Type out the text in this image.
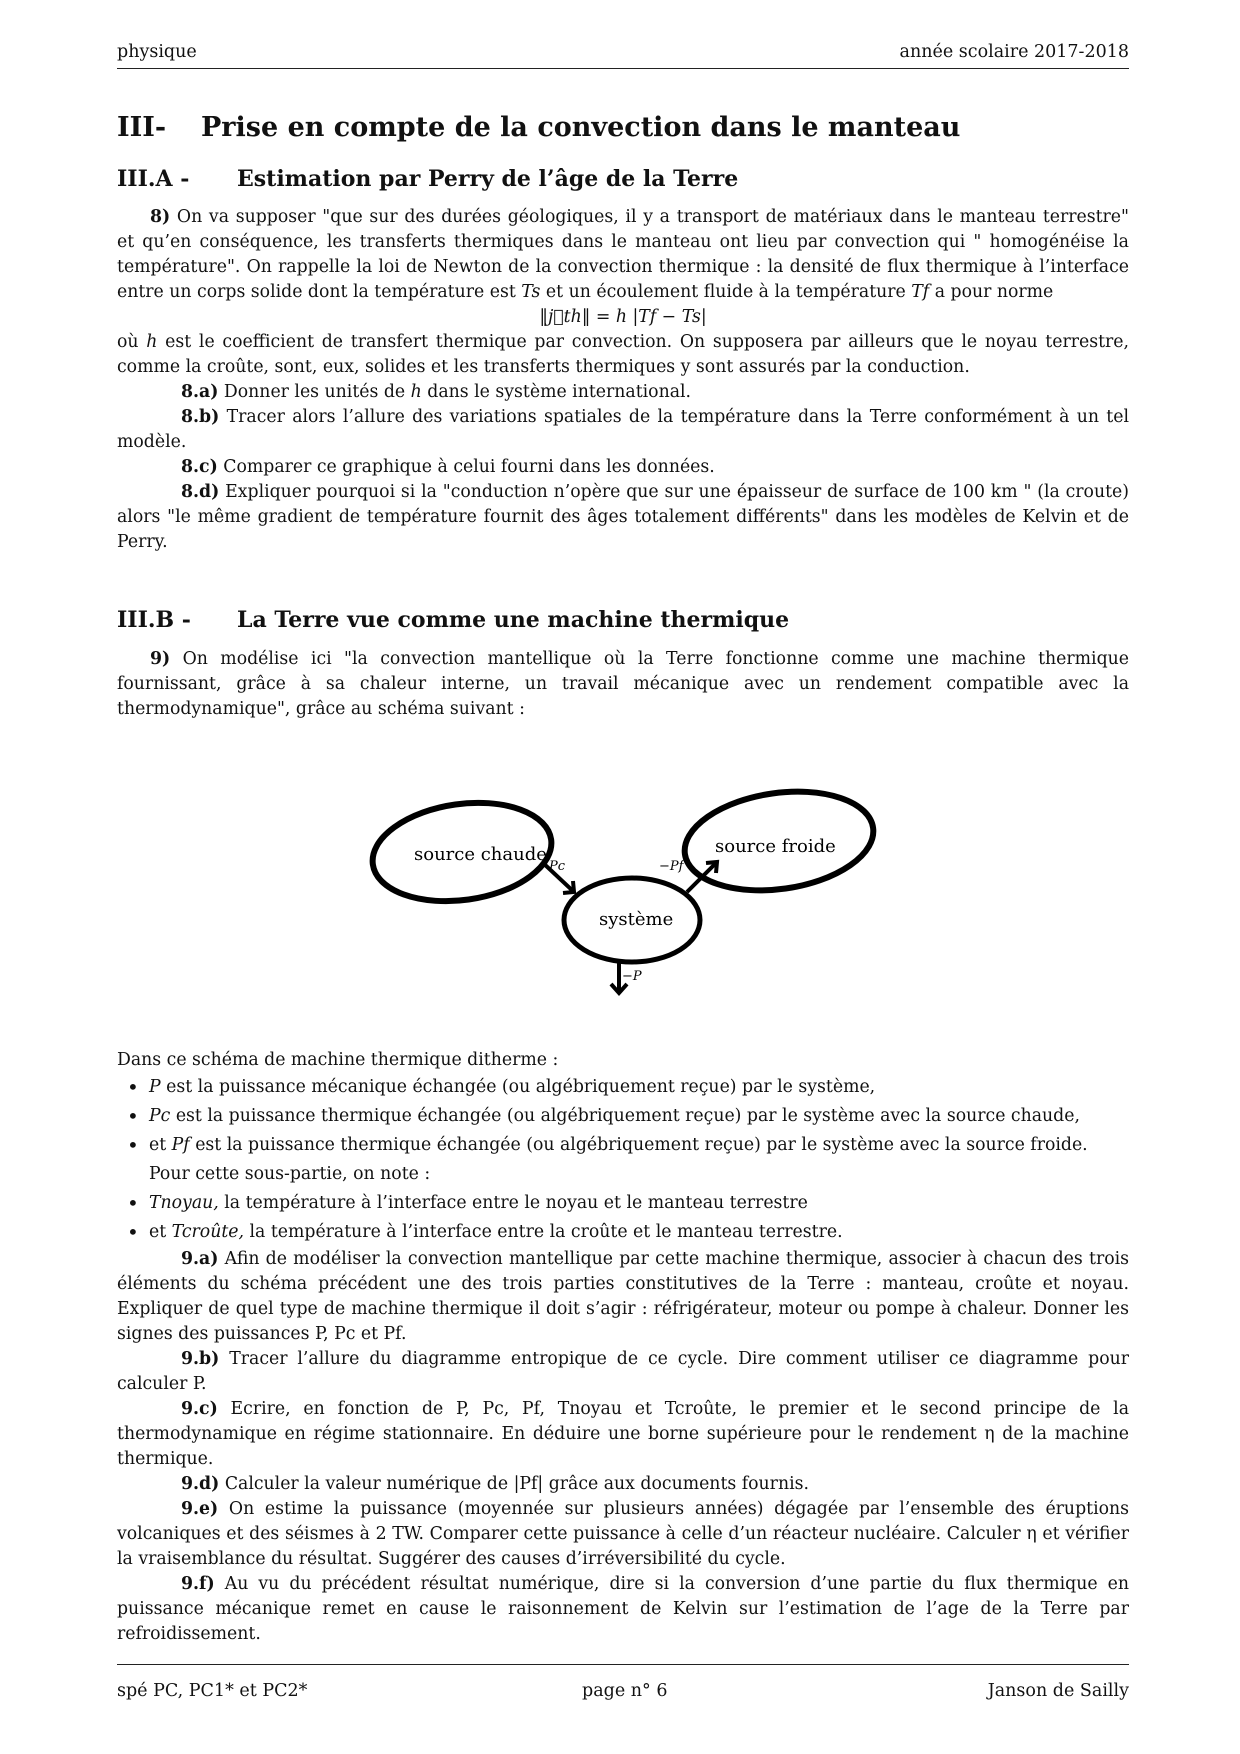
physique	année scolaire 2017-2018
III- Prise en compte de la convection dans le manteau
III.A - Estimation par Perry de l’âge de la Terre

8) On va supposer "que sur des durées géologiques, il y a transport de matériaux dans le manteau terrestre" et qu’en conséquence, les transferts thermiques dans le manteau ont lieu par convection qui " homogénéise la température". On rappelle la loi de Newton de la convection thermique : la densité de flux thermique à l’interface entre un corps solide dont la température est Ts et un écoulement fluide à la température Tf a pour norme

‖j⃗th‖ = h |Tf − Ts|

où h est le coefficient de transfert thermique par convection. On supposera par ailleurs que le noyau terrestre, comme la croûte, sont, eux, solides et les transferts thermiques y sont assurés par la conduction.

8.a) Donner les unités de h dans le système international.

8.b) Tracer alors l’allure des variations spatiales de la température dans la Terre conformément à un tel modèle.

8.c) Comparer ce graphique à celui fourni dans les données.

8.d) Expliquer pourquoi si la "conduction n’opère que sur une épaisseur de surface de 100 km " (la croute) alors "le même gradient de température fournit des âges totalement différents" dans les modèles de Kelvin et de Perry.

III.B - La Terre vue comme une machine thermique

9) On modélise ici "la convection mantellique où la Terre fonctionne comme une machine thermique fournissant, grâce à sa chaleur interne, un travail mécanique avec un rendement compatible avec la thermodynamique", grâce au schéma suivant :

source chaude	source froide
système
Pc	−Pf
−P

Dans ce schéma de machine thermique ditherme :

• P est la puissance mécanique échangée (ou algébriquement reçue) par le système,
• Pc est la puissance thermique échangée (ou algébriquement reçue) par le système avec la source chaude,
• et Pf est la puissance thermique échangée (ou algébriquement reçue) par le système avec la source froide.

Pour cette sous-partie, on note :

• Tnoyau, la température à l’interface entre le noyau et le manteau terrestre
• et Tcroûte, la température à l’interface entre la croûte et le manteau terrestre.

9.a) Afin de modéliser la convection mantellique par cette machine thermique, associer à chacun des trois éléments du schéma précédent une des trois parties constitutives de la Terre : manteau, croûte et noyau. Expliquer de quel type de machine thermique il doit s’agir : réfrigérateur, moteur ou pompe à chaleur. Donner les signes des puissances P, Pc et Pf.

9.b) Tracer l’allure du diagramme entropique de ce cycle. Dire comment utiliser ce diagramme pour calculer P.

9.c) Ecrire, en fonction de P, Pc, Pf, Tnoyau et Tcroûte, le premier et le second principe de la thermodynamique en régime stationnaire. En déduire une borne supérieure pour le rendement η de la machine thermique.

9.d) Calculer la valeur numérique de |Pf| grâce aux documents fournis.

9.e) On estime la puissance (moyennée sur plusieurs années) dégagée par l’ensemble des éruptions volcaniques et des séismes à 2 TW. Comparer cette puissance à celle d’un réacteur nucléaire. Calculer η et vérifier la vraisemblance du résultat. Suggérer des causes d’irréversibilité du cycle.

9.f) Au vu du précédent résultat numérique, dire si la conversion d’une partie du flux thermique en puissance mécanique remet en cause le raisonnement de Kelvin sur l’estimation de l’age de la Terre par refroidissement.

spé PC, PC1* et PC2*	page n° 6	Janson de Sailly
